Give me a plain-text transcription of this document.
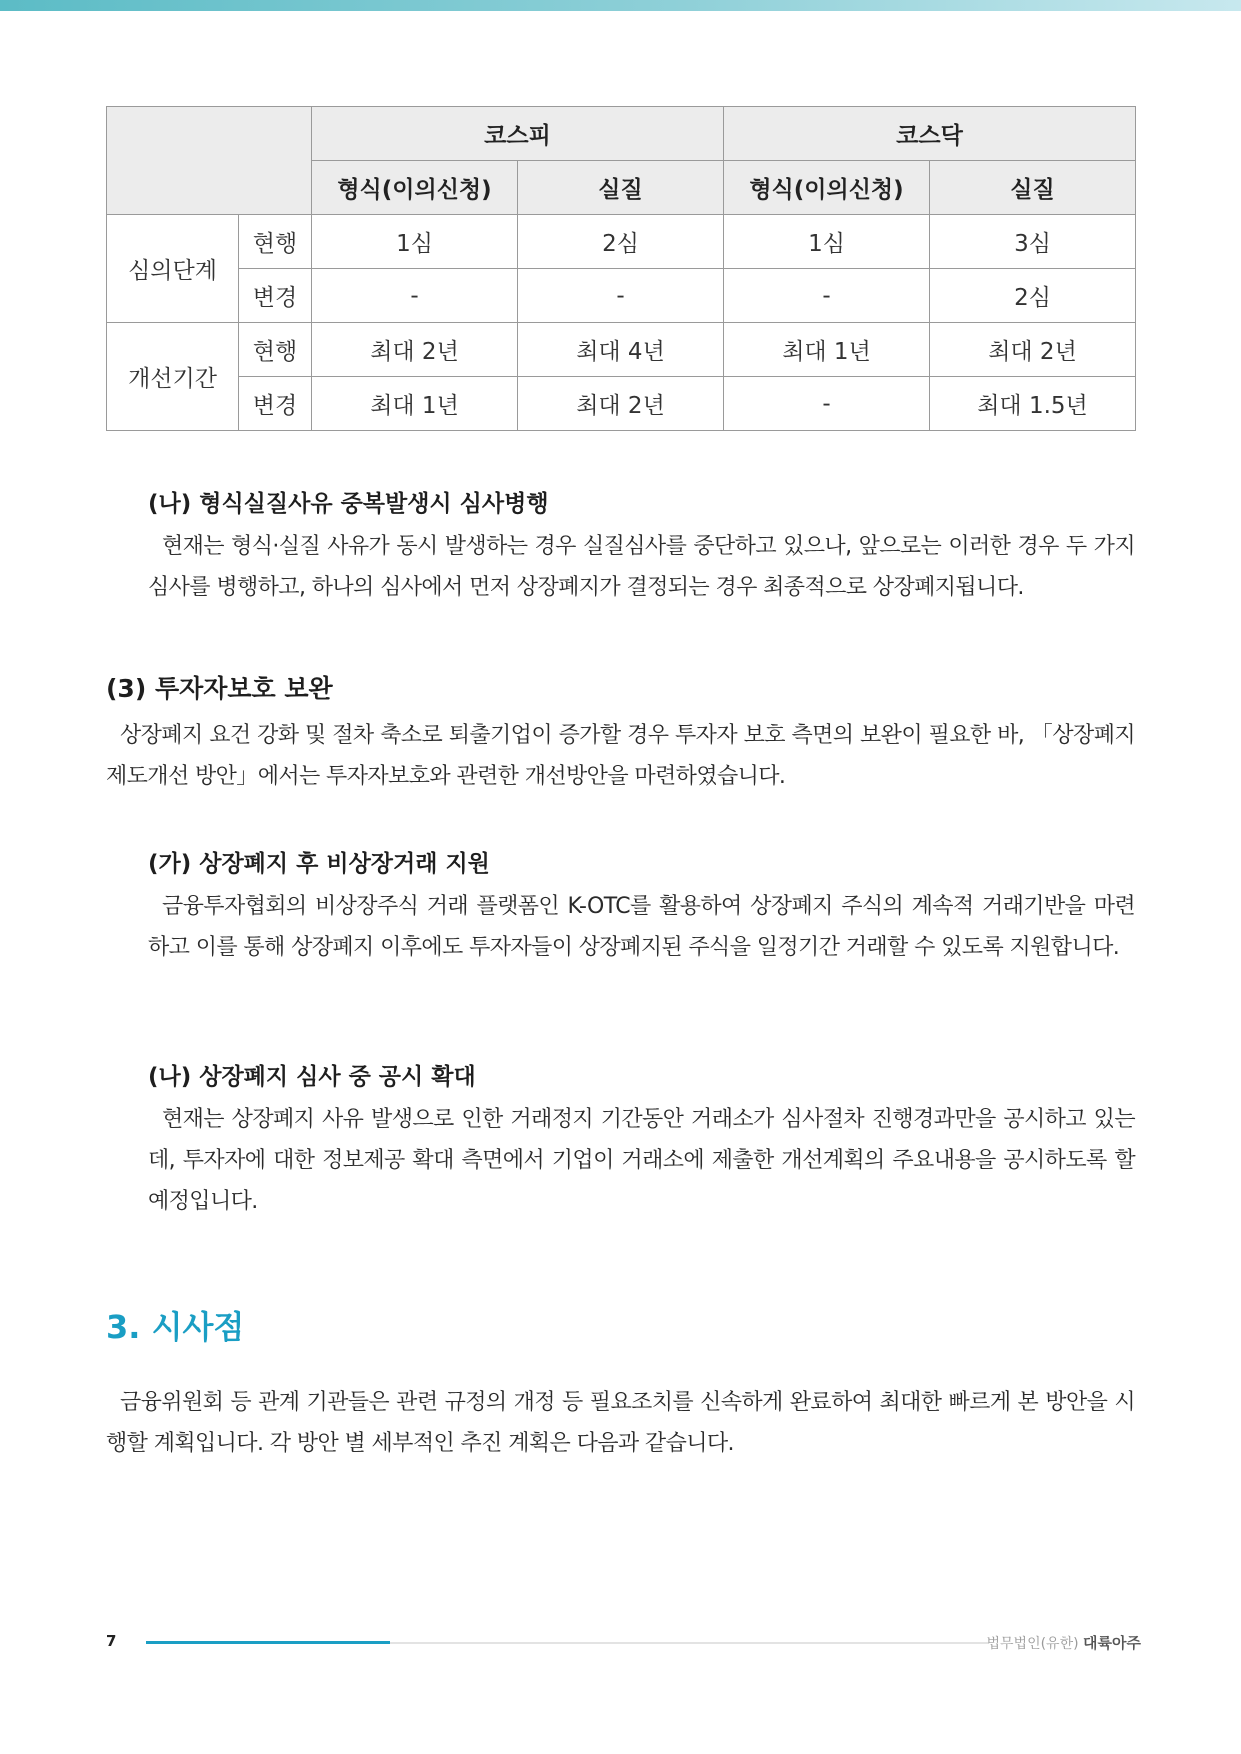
		코스피		코스닥	
		형식(이의신청)	실질	형식(이의신청)	실질
심의단계	현행	1심	2심	1심	3심
	변경	-	-	-	2심
개선기간	현행	최대 2년	최대 4년	최대 1년	최대 2년
	변경	최대 1년	최대 2년	-	최대 1.5년
(나) 형식실질사유 중복발생시 심사병행

현재는 형식·실질 사유가 동시 발생하는 경우 실질심사를 중단하고 있으나, 앞으로는 이러한 경우 두 가지 심사를 병행하고, 하나의 심사에서 먼저 상장폐지가 결정되는 경우 최종적으로 상장폐지됩니다.

(3) 투자자보호 보완

상장폐지 요건 강화 및 절차 축소로 퇴출기업이 증가할 경우 투자자 보호 측면의 보완이 필요한 바, 「상장폐지 제도개선 방안」에서는 투자자보호와 관련한 개선방안을 마련하였습니다.

(가) 상장폐지 후 비상장거래 지원

금융투자협회의 비상장주식 거래 플랫폼인 K-OTC를 활용하여 상장폐지 주식의 계속적 거래기반을 마련하고 이를 통해 상장폐지 이후에도 투자자들이 상장폐지된 주식을 일정기간 거래할 수 있도록 지원합니다.

(나) 상장폐지 심사 중 공시 확대

현재는 상장폐지 사유 발생으로 인한 거래정지 기간동안 거래소가 심사절차 진행경과만을 공시하고 있는데, 투자자에 대한 정보제공 확대 측면에서 기업이 거래소에 제출한 개선계획의 주요내용을 공시하도록 할 예정입니다.

3. 시사점

금융위원회 등 관계 기관들은 관련 규정의 개정 등 필요조치를 신속하게 완료하여 최대한 빠르게 본 방안을 시행할 계획입니다. 각 방안 별 세부적인 추진 계획은 다음과 같습니다.

7	법무법인(유한) 대륙아주
